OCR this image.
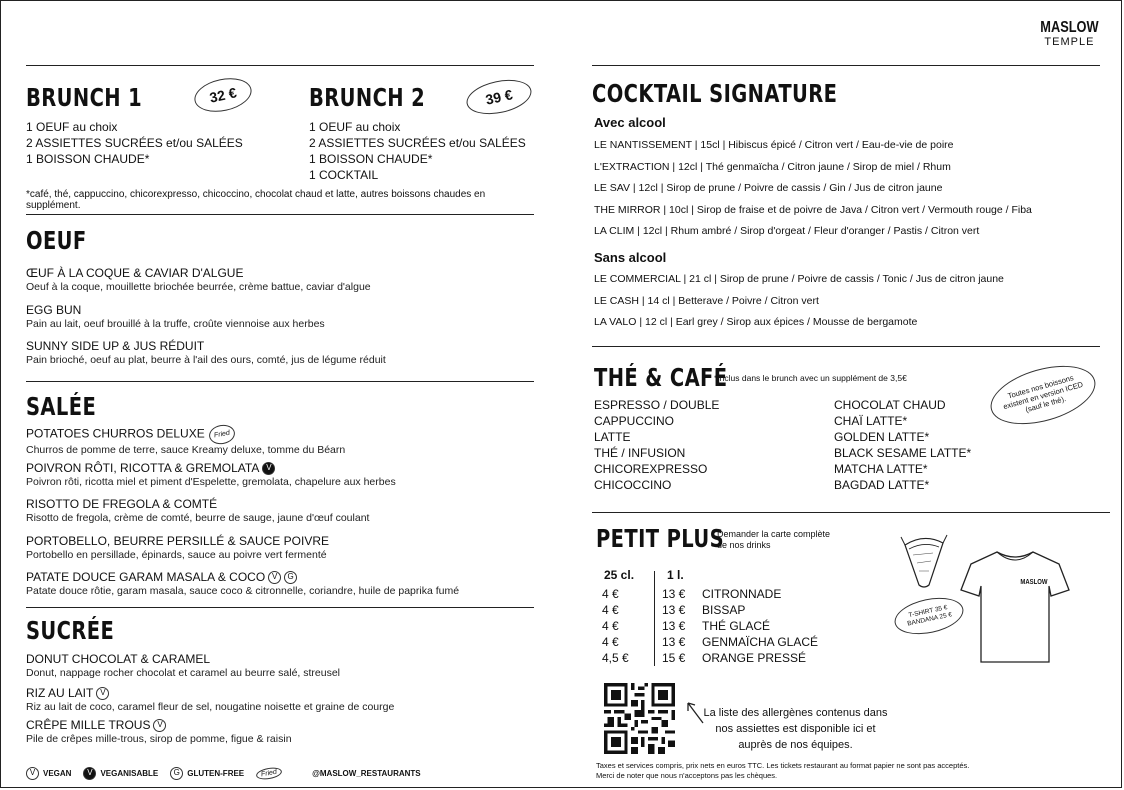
BRUNCH 1	32 €
1 OEUF au choix
2 ASSIETTES SUCRÉES et/ou SALÉES
1 BOISSON CHAUDE*
*café, thé, cappuccino, chicorexpresso, chicoccino, chocolat chaud et latte, autres boissons chaudes en supplément.
BRUNCH 2	39 €
1 OEUF au choix
2 ASSIETTES SUCRÉES et/ou SALÉES
1 BOISSON CHAUDE*
1 COCKTAIL
OEUF
ŒUF À LA COQUE & CAVIAR D'ALGUE
Oeuf à la coque, mouillette briochée beurrée, crème battue, caviar d'algue
EGG BUN
Pain au lait, oeuf brouillé à la truffe, croûte viennoise aux herbes
SUNNY SIDE UP & JUS RÉDUIT
Pain brioché, oeuf au plat, beurre à l'ail des ours, comté, jus de légume réduit
SALÉE
POTATOES CHURROS DELUXE Fried
Churros de pomme de terre, sauce Kreamy deluxe, tomme du Béarn
POIVRON RÔTI, RICOTTA & GREMOLATA V
Poivron rôti, ricotta miel et piment d'Espelette, gremolata, chapelure aux herbes
RISOTTO DE FREGOLA & COMTÉ
Risotto de fregola, crème de comté, beurre de sauge, jaune d'œuf coulant
PORTOBELLO, BEURRE PERSILLÉ & SAUCE POIVRE
Portobello en persillade, épinards, sauce au poivre vert fermenté
PATATE DOUCE GARAM MASALA & COCO V G
Patate douce rôtie, garam masala, sauce coco & citronnelle, coriandre, huile de paprika fumé
SUCRÉE
DONUT CHOCOLAT & CARAMEL
Donut, nappage rocher chocolat et caramel au beurre salé, streusel
RIZ AU LAIT V
Riz au lait de coco, caramel fleur de sel, nougatine noisette et graine de courge
CRÊPE MILLE TROUS V
Pile de crêpes mille-trous, sirop de pomme, figue & raisin
V VEGAN	V VEGANISABLE	G GLUTEN-FREE	Fried	@MASLOW_RESTAURANTS
MASLOW
TEMPLE
COCKTAIL SIGNATURE
Avec alcool
LE NANTISSEMENT | 15cl | Hibiscus épicé / Citron vert / Eau-de-vie de poire
L'EXTRACTION | 12cl | Thé genmaïcha / Citron jaune / Sirop de miel / Rhum
LE SAV | 12cl | Sirop de prune / Poivre de cassis / Gin / Jus de citron jaune
THE MIRROR | 10cl | Sirop de fraise et de poivre de Java / Citron vert / Vermouth rouge / Fiba
LA CLIM | 12cl | Rhum ambré / Sirop d'orgeat / Fleur d'oranger / Pastis / Citron vert
Sans alcool
LE COMMERCIAL | 21 cl | Sirop de prune / Poivre de cassis / Tonic / Jus de citron jaune
LE CASH | 14 cl | Betterave / Poivre / Citron vert
LA VALO | 12 cl | Earl grey / Sirop aux épices / Mousse de bergamote
THÉ & CAFÉ
*Inclus dans le brunch avec un supplément de 3,5€
ESPRESSO / DOUBLE
CAPPUCCINO
LATTE
THÉ / INFUSION
CHICOREXPRESSO
CHICOCCINO
CHOCOLAT CHAUD
CHAÏ LATTE*
GOLDEN LATTE*
BLACK SESAME LATTE*
MATCHA LATTE*
BAGDAD LATTE*
Toutes nos boissons existent en version ICED (sauf le thé).
PETIT PLUS
Demander la carte complète de nos drinks
25 cl.	1 l.
4 €	13 € CITRONNADE
4 €	13 € BISSAP
4 €	13 € THÉ GLACÉ
4 €	13 € GENMAÏCHA GLACÉ
4,5 €	15 € ORANGE PRESSÉ
MASLOW
T-SHIRT 35 € BANDANA 25 €
La liste des allergènes contenus dans nos assiettes est disponible ici et auprès de nos équipes.
Taxes et services compris, prix nets en euros TTC. Les tickets restaurant au format papier ne sont pas acceptés.
Merci de noter que nous n'acceptons pas les chèques.
